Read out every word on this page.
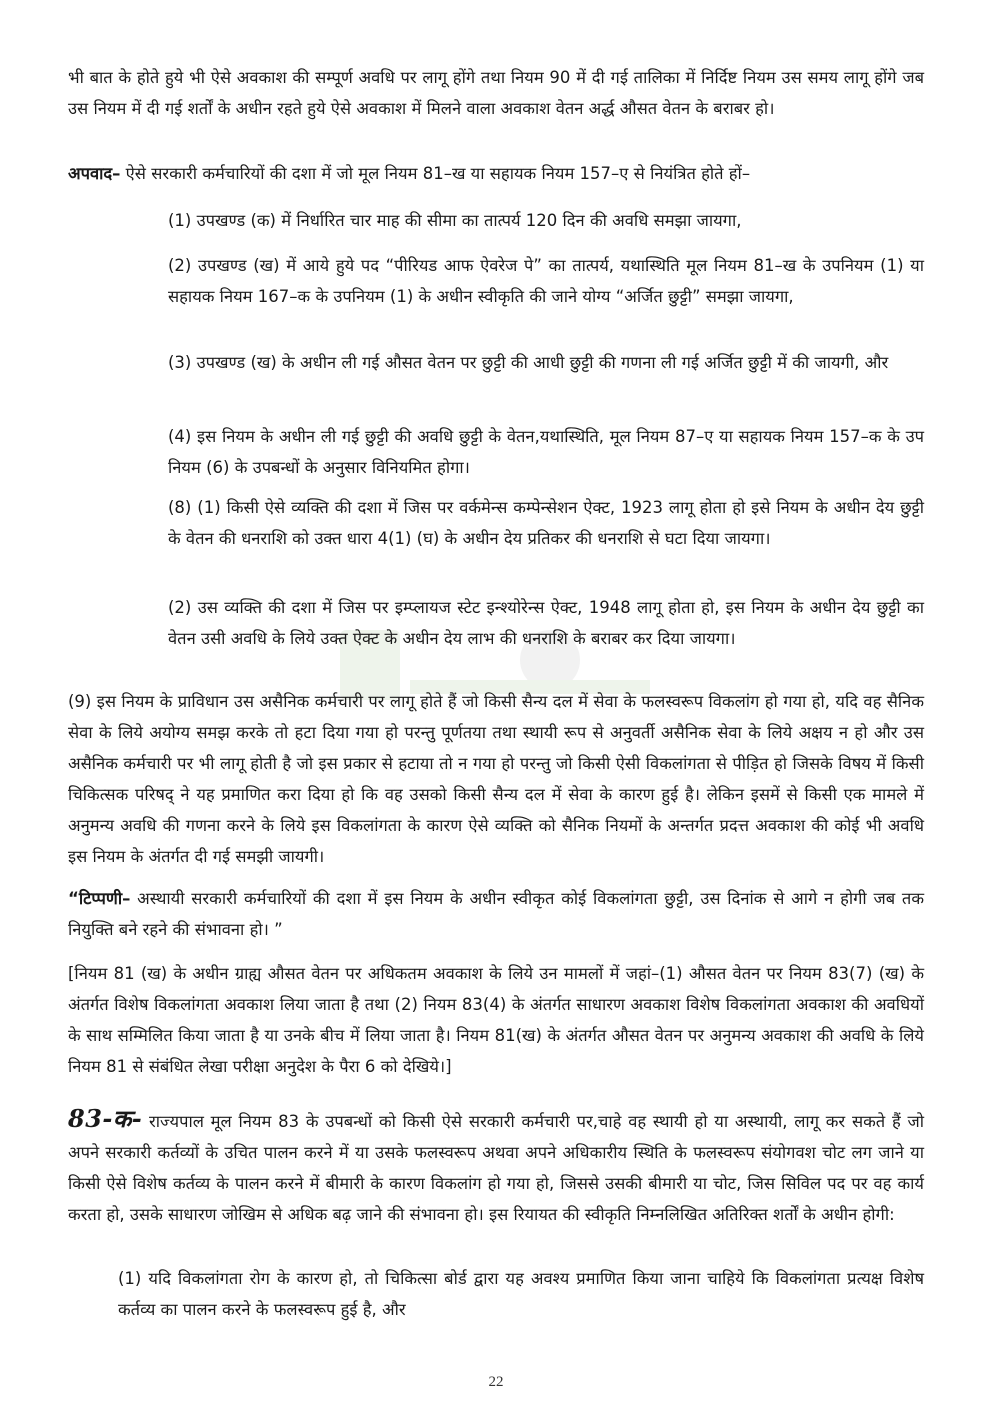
भी बात के होते हुये भी ऐसे अवकाश की सम्पूर्ण अवधि पर लागू होंगे तथा नियम 90 में दी गई तालिका में निर्दिष्ट नियम उस समय लागू होंगे जब उस नियम में दी गई शर्तों के अधीन रहते हुये ऐसे अवकाश में मिलने वाला अवकाश वेतन अर्द्ध औसत वेतन के बराबर हो।

अपवाद– ऐसे सरकारी कर्मचारियों की दशा में जो मूल नियम 81–ख या सहायक नियम 157–ए से नियंत्रित होते हों–

(1) उपखण्ड (क) में निर्धारित चार माह की सीमा का तात्पर्य 120 दिन की अवधि समझा जायगा,

(2) उपखण्ड (ख) में आये हुये पद “पीरियड आफ ऐवरेज पे” का तात्पर्य, यथास्थिति मूल नियम 81–ख के उपनियम (1) या सहायक नियम 167–क के उपनियम (1) के अधीन स्वीकृति की जाने योग्य “अर्जित छुट्टी” समझा जायगा,

(3) उपखण्ड (ख) के अधीन ली गई औसत वेतन पर छुट्टी की आधी छुट्टी की गणना ली गई अर्जित छुट्टी में की जायगी, और

(4) इस नियम के अधीन ली गई छुट्टी की अवधि छुट्टी के वेतन,यथास्थिति, मूल नियम 87–ए या सहायक नियम 157–क के उप नियम (6) के उपबन्धों के अनुसार विनियमित होगा।

(8) (1) किसी ऐसे व्यक्ति की दशा में जिस पर वर्कमेन्स कम्पेन्सेशन ऐक्ट, 1923 लागू होता हो इसे नियम के अधीन देय छुट्टी के वेतन की धनराशि को उक्त धारा 4(1) (घ) के अधीन देय प्रतिकर की धनराशि से घटा दिया जायगा।

(2) उस व्यक्ति की दशा में जिस पर इम्प्लायज स्टेट इन्श्योरेन्स ऐक्ट, 1948 लागू होता हो, इस नियम के अधीन देय छुट्टी का वेतन उसी अवधि के लिये उक्त ऐक्ट के अधीन देय लाभ की धनराशि के बराबर कर दिया जायगा।

(9) इस नियम के प्राविधान उस असैनिक कर्मचारी पर लागू होते हैं जो किसी सैन्य दल में सेवा के फलस्वरूप विकलांग हो गया हो, यदि वह सैनिक सेवा के लिये अयोग्य समझ करके तो हटा दिया गया हो परन्तु पूर्णतया तथा स्थायी रूप से अनुवर्ती असैनिक सेवा के लिये अक्षय न हो और उस असैनिक कर्मचारी पर भी लागू होती है जो इस प्रकार से हटाया तो न गया हो परन्तु जो किसी ऐसी विकलांगता से पीड़ित हो जिसके विषय में किसी चिकित्सक परिषद् ने यह प्रमाणित करा दिया हो कि वह उसको किसी सैन्य दल में सेवा के कारण हुई है। लेकिन इसमें से किसी एक मामले में अनुमन्य अवधि की गणना करने के लिये इस विकलांगता के कारण ऐसे व्यक्ति को सैनिक नियमों के अन्तर्गत प्रदत्त अवकाश की कोई भी अवधि इस नियम के अंतर्गत दी गई समझी जायगी।

“टिप्पणी– अस्थायी सरकारी कर्मचारियों की दशा में इस नियम के अधीन स्वीकृत कोई विकलांगता छुट्टी, उस दिनांक से आगे न होगी जब तक नियुक्ति बने रहने की संभावना हो। ”

[नियम 81 (ख) के अधीन ग्राह्य औसत वेतन पर अधिकतम अवकाश के लिये उन मामलों में जहां–(1) औसत वेतन पर नियम 83(7) (ख) के अंतर्गत विशेष विकलांगता अवकाश लिया जाता है तथा (2) नियम 83(4) के अंतर्गत साधारण अवकाश विशेष विकलांगता अवकाश की अवधियों के साथ सम्मिलित किया जाता है या उनके बीच में लिया जाता है। नियम 81(ख) के अंतर्गत औसत वेतन पर अनुमन्य अवकाश की अवधि के लिये नियम 81 से संबंधित लेखा परीक्षा अनुदेश के पैरा 6 को देखिये।]

83-क- राज्यपाल मूल नियम 83 के उपबन्धों को किसी ऐसे सरकारी कर्मचारी पर,चाहे वह स्थायी हो या अस्थायी, लागू कर सकते हैं जो अपने सरकारी कर्तव्यों के उचित पालन करने में या उसके फलस्वरूप अथवा अपने अधिकारीय स्थिति के फलस्वरूप संयोगवश चोट लग जाने या किसी ऐसे विशेष कर्तव्य के पालन करने में बीमारी के कारण विकलांग हो गया हो, जिससे उसकी बीमारी या चोट, जिस सिविल पद पर वह कार्य करता हो, उसके साधारण जोखिम से अधिक बढ़ जाने की संभावना हो। इस रियायत की स्वीकृति निम्नलिखित अतिरिक्त शर्तों के अधीन होगी:

(1) यदि विकलांगता रोग के कारण हो, तो चिकित्सा बोर्ड द्वारा यह अवश्य प्रमाणित किया जाना चाहिये कि विकलांगता प्रत्यक्ष विशेष कर्तव्य का पालन करने के फलस्वरूप हुई है, और

22
